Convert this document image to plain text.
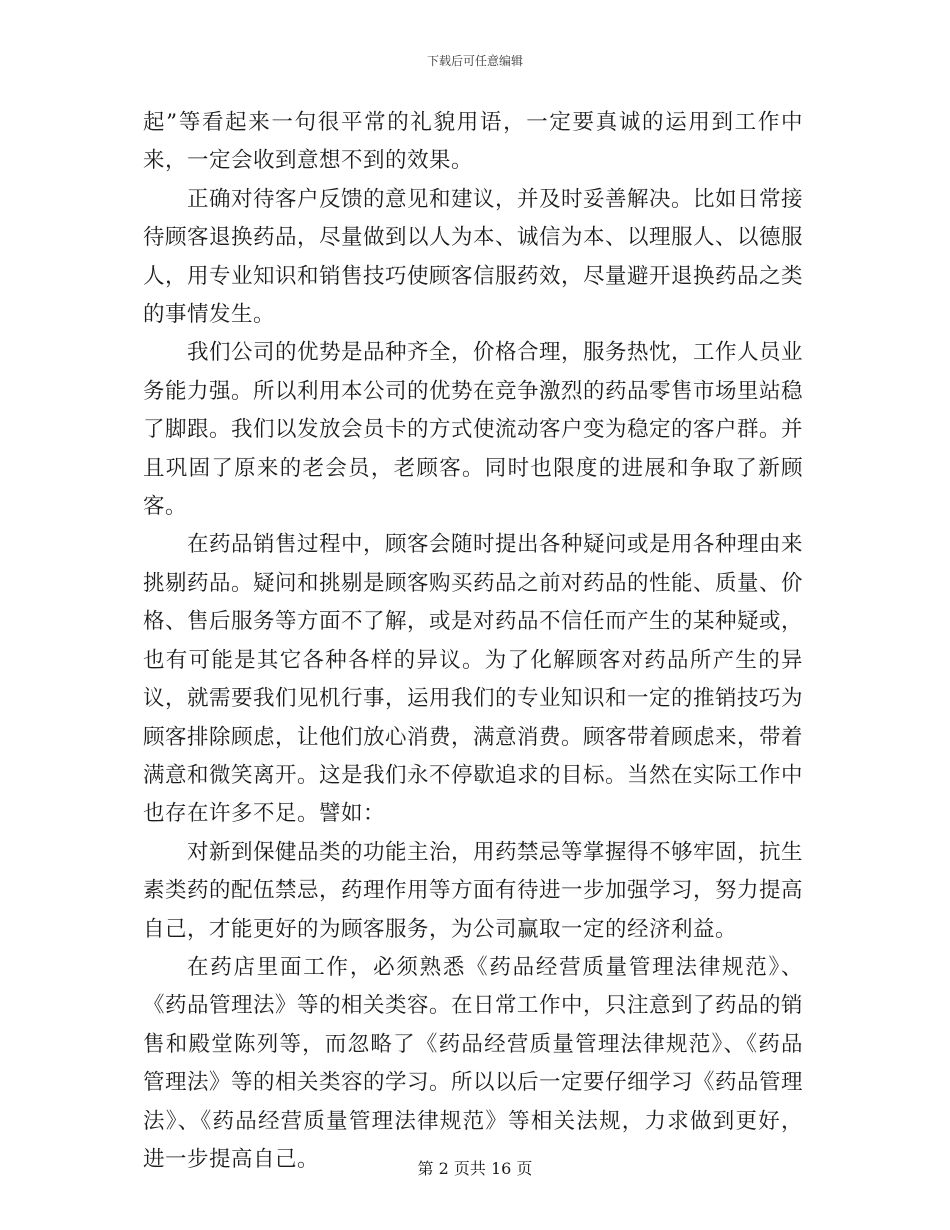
下载后可任意编辑

起”等看起来一句很平常的礼貌用语，一定要真诚的运用到工作中来，一定会收到意想不到的效果。

正确对待客户反馈的意见和建议，并及时妥善解决。比如日常接待顾客退换药品，尽量做到以人为本、诚信为本、以理服人、以德服人，用专业知识和销售技巧使顾客信服药效，尽量避开退换药品之类的事情发生。

我们公司的优势是品种齐全，价格合理，服务热忱，工作人员业务能力强。所以利用本公司的优势在竞争激烈的药品零售市场里站稳了脚跟。我们以发放会员卡的方式使流动客户变为稳定的客户群。并且巩固了原来的老会员，老顾客。同时也限度的进展和争取了新顾客。

在药品销售过程中，顾客会随时提出各种疑问或是用各种理由来挑剔药品。疑问和挑剔是顾客购买药品之前对药品的性能、质量、价格、售后服务等方面不了解，或是对药品不信任而产生的某种疑或，也有可能是其它各种各样的异议。为了化解顾客对药品所产生的异议，就需要我们见机行事，运用我们的专业知识和一定的推销技巧为顾客排除顾虑，让他们放心消费，满意消费。顾客带着顾虑来，带着满意和微笑离开。这是我们永不停歇追求的目标。当然在实际工作中也存在许多不足。譬如：

对新到保健品类的功能主治，用药禁忌等掌握得不够牢固，抗生素类药的配伍禁忌，药理作用等方面有待进一步加强学习，努力提高自己，才能更好的为顾客服务，为公司赢取一定的经济利益。

在药店里面工作，必须熟悉《药品经营质量管理法律规范》、《药品管理法》等的相关类容。在日常工作中，只注意到了药品的销售和殿堂陈列等，而忽略了《药品经营质量管理法律规范》、《药品管理法》等的相关类容的学习。所以以后一定要仔细学习《药品管理法》、《药品经营质量管理法律规范》等相关法规，力求做到更好，进一步提高自己。	第 2 页共 16 页
